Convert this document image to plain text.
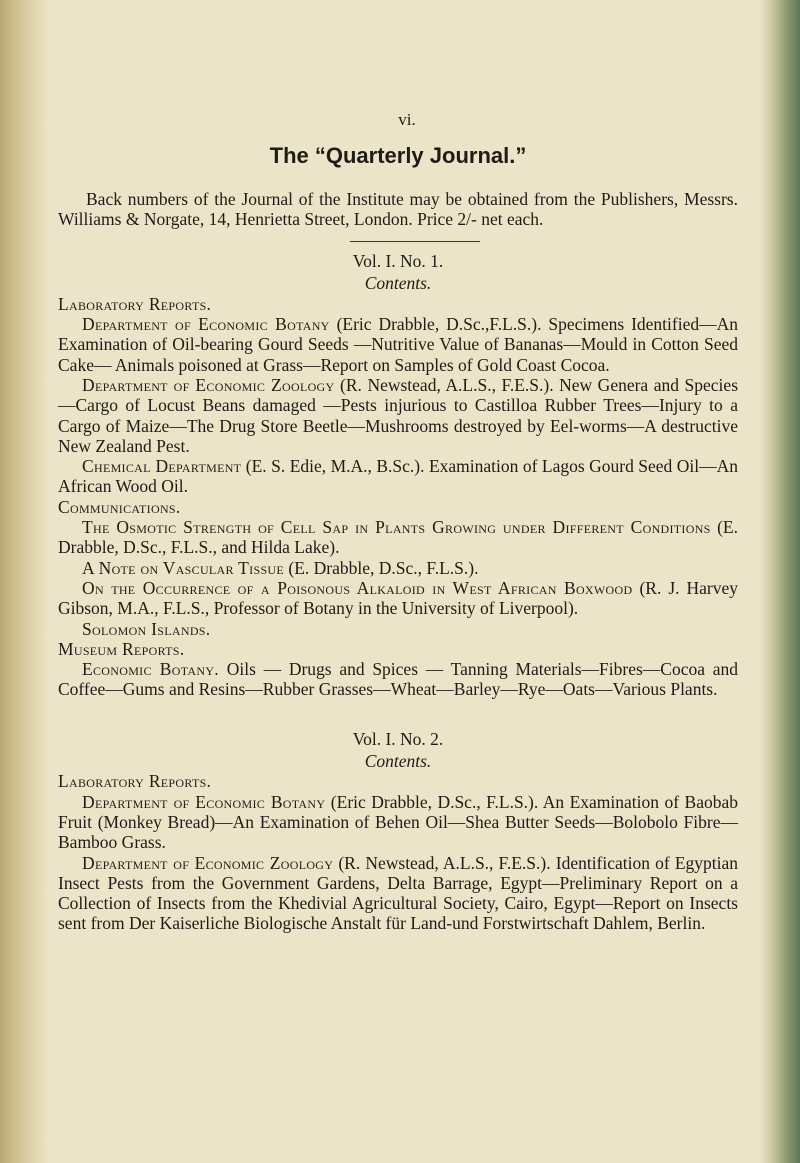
vi.
The “Quarterly Journal.”

Back numbers of the Journal of the Institute may be obtained from the Publishers, Messrs. Williams & Norgate, 14, Henrietta Street, London. Price 2/- net each.

Vol. I. No. 1.
Contents.

Laboratory Reports.

Department of Economic Botany (Eric Drabble, D.Sc.,F.L.S.). Specimens Identified—An Examination of Oil-bearing Gourd Seeds —Nutritive Value of Bananas—Mould in Cotton Seed Cake— Animals poisoned at Grass—Report on Samples of Gold Coast Cocoa.

Department of Economic Zoology (R. Newstead, A.L.S., F.E.S.). New Genera and Species—Cargo of Locust Beans damaged —Pests injurious to Castilloa Rubber Trees—Injury to a Cargo of Maize—The Drug Store Beetle—Mushrooms destroyed by Eel-worms—A destructive New Zealand Pest.

Chemical Department (E. S. Edie, M.A., B.Sc.). Examination of Lagos Gourd Seed Oil—An African Wood Oil.

Communications.

The Osmotic Strength of Cell Sap in Plants Growing under Different Conditions (E. Drabble, D.Sc., F.L.S., and Hilda Lake).

A Note on Vascular Tissue (E. Drabble, D.Sc., F.L.S.).

On the Occurrence of a Poisonous Alkaloid in West African Boxwood (R. J. Harvey Gibson, M.A., F.L.S., Professor of Botany in the University of Liverpool).

Solomon Islands.

Museum Reports.

Economic Botany. Oils — Drugs and Spices — Tanning Materials—Fibres—Cocoa and Coffee—Gums and Resins—Rubber Grasses—Wheat—Barley—Rye—Oats—Various Plants.

Vol. I. No. 2.
Contents.

Laboratory Reports.

Department of Economic Botany (Eric Drabble, D.Sc., F.L.S.). An Examination of Baobab Fruit (Monkey Bread)—An Examination of Behen Oil—Shea Butter Seeds—Bolobolo Fibre—Bamboo Grass.

Department of Economic Zoology (R. Newstead, A.L.S., F.E.S.). Identification of Egyptian Insect Pests from the Government Gardens, Delta Barrage, Egypt—Preliminary Report on a Collection of Insects from the Khedivial Agricultural Society, Cairo, Egypt—Report on Insects sent from Der Kaiserliche Biologische Anstalt für Land-und Forstwirtschaft Dahlem, Berlin.
